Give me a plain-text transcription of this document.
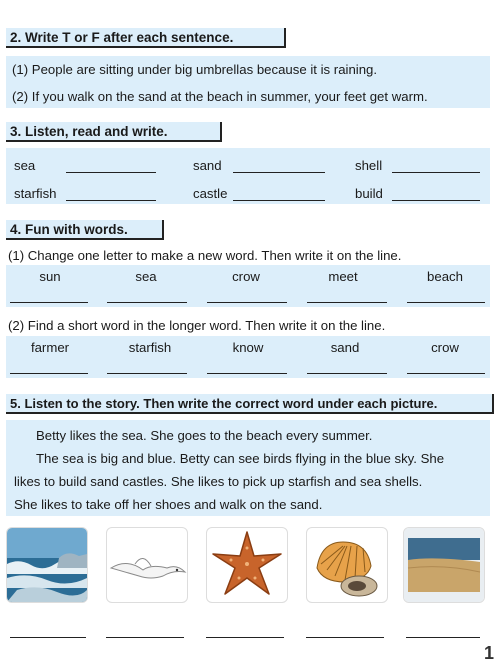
2. Write T or F after each sentence.
(1) People are sitting under big umbrellas because it is raining.
(2) If you walk on the sand at the beach in summer, your feet get warm.
3. Listen, read and write.
sea	sand	shell
starfish	castle	build
4. Fun with words.
(1) Change one letter to make a new word. Then write it on the line.
sun	sea	crow	meet	beach
(2) Find a short word in the longer word. Then write it on the line.
farmer	starfish	know	sand	crow
5. Listen to the story. Then write the correct word under each picture.
Betty likes the sea. She goes to the beach every summer.
The sea is big and blue. Betty can see birds flying in the blue sky. She
likes to build sand castles. She likes to pick up starfish and sea shells.
She likes to take off her shoes and walk on the sand.
1
